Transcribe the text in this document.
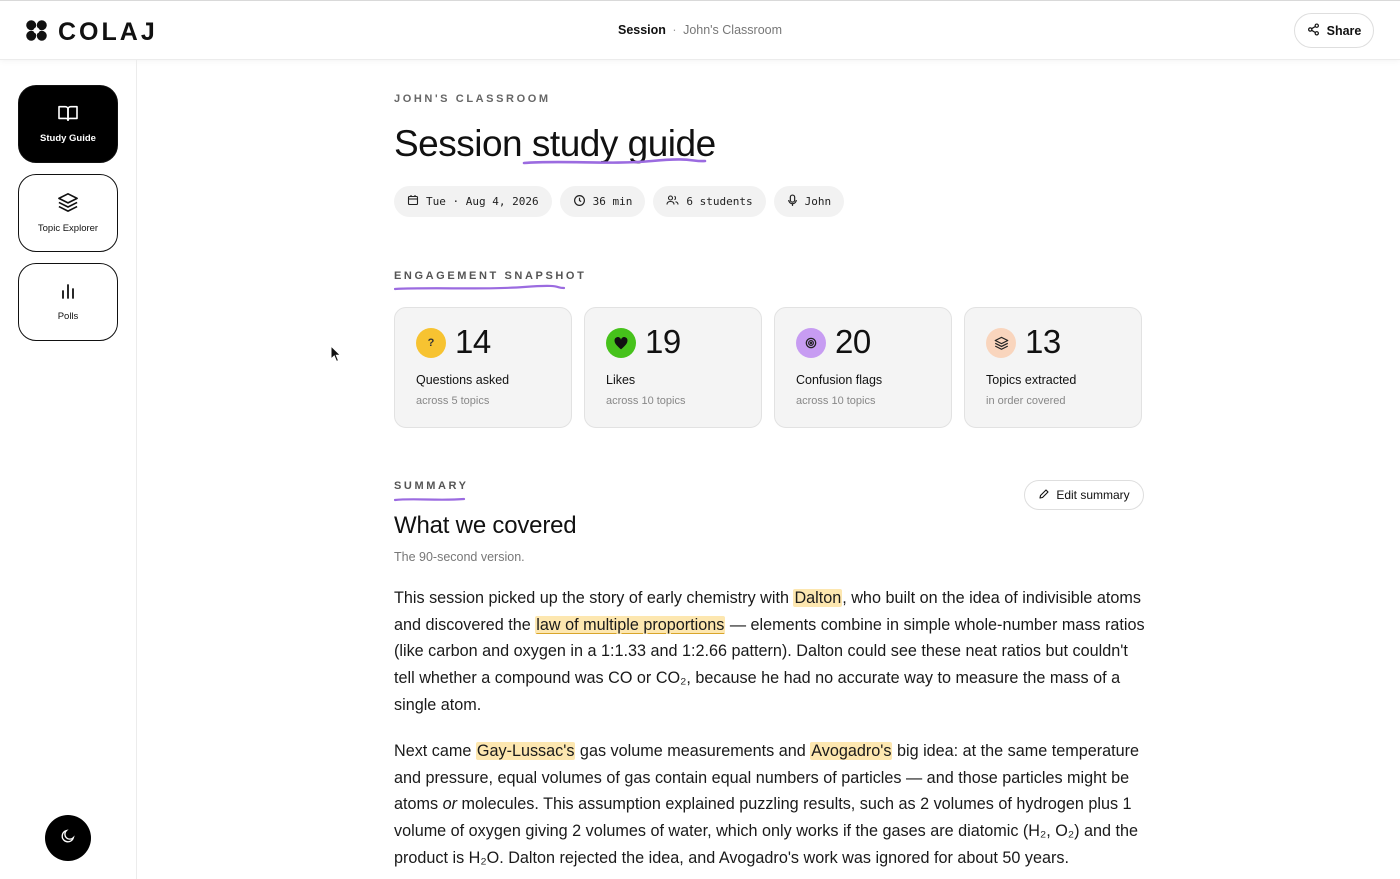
COLAJ	Session · John's Classroom	Share
Study Guide
Topic Explorer
Polls
JOHN'S CLASSROOM
Session study guide
Tue · Aug 4, 2026	36 min	6 students	John
ENGAGEMENT SNAPSHOT
? 14
Questions asked
across 5 topics
19
Likes
across 10 topics
20
Confusion flags
across 10 topics
13
Topics extracted
in order covered
SUMMARY
Edit summary
What we covered
The 90-second version.

This session picked up the story of early chemistry with Dalton, who built on the idea of indivisible atoms and discovered the law of multiple proportions — elements combine in simple whole-number mass ratios (like carbon and oxygen in a 1:1.33 and 1:2.66 pattern). Dalton could see these neat ratios but couldn't tell whether a compound was CO or CO₂, because he had no accurate way to measure the mass of a single atom.

Next came Gay-Lussac's gas volume measurements and Avogadro's big idea: at the same temperature and pressure, equal volumes of gas contain equal numbers of particles — and those particles might be atoms or molecules. This assumption explained puzzling results, such as 2 volumes of hydrogen plus 1 volume of oxygen giving 2 volumes of water, which only works if the gases are diatomic (H₂, O₂) and the product is H₂O. Dalton rejected the idea, and Avogadro's work was ignored for about 50 years.
